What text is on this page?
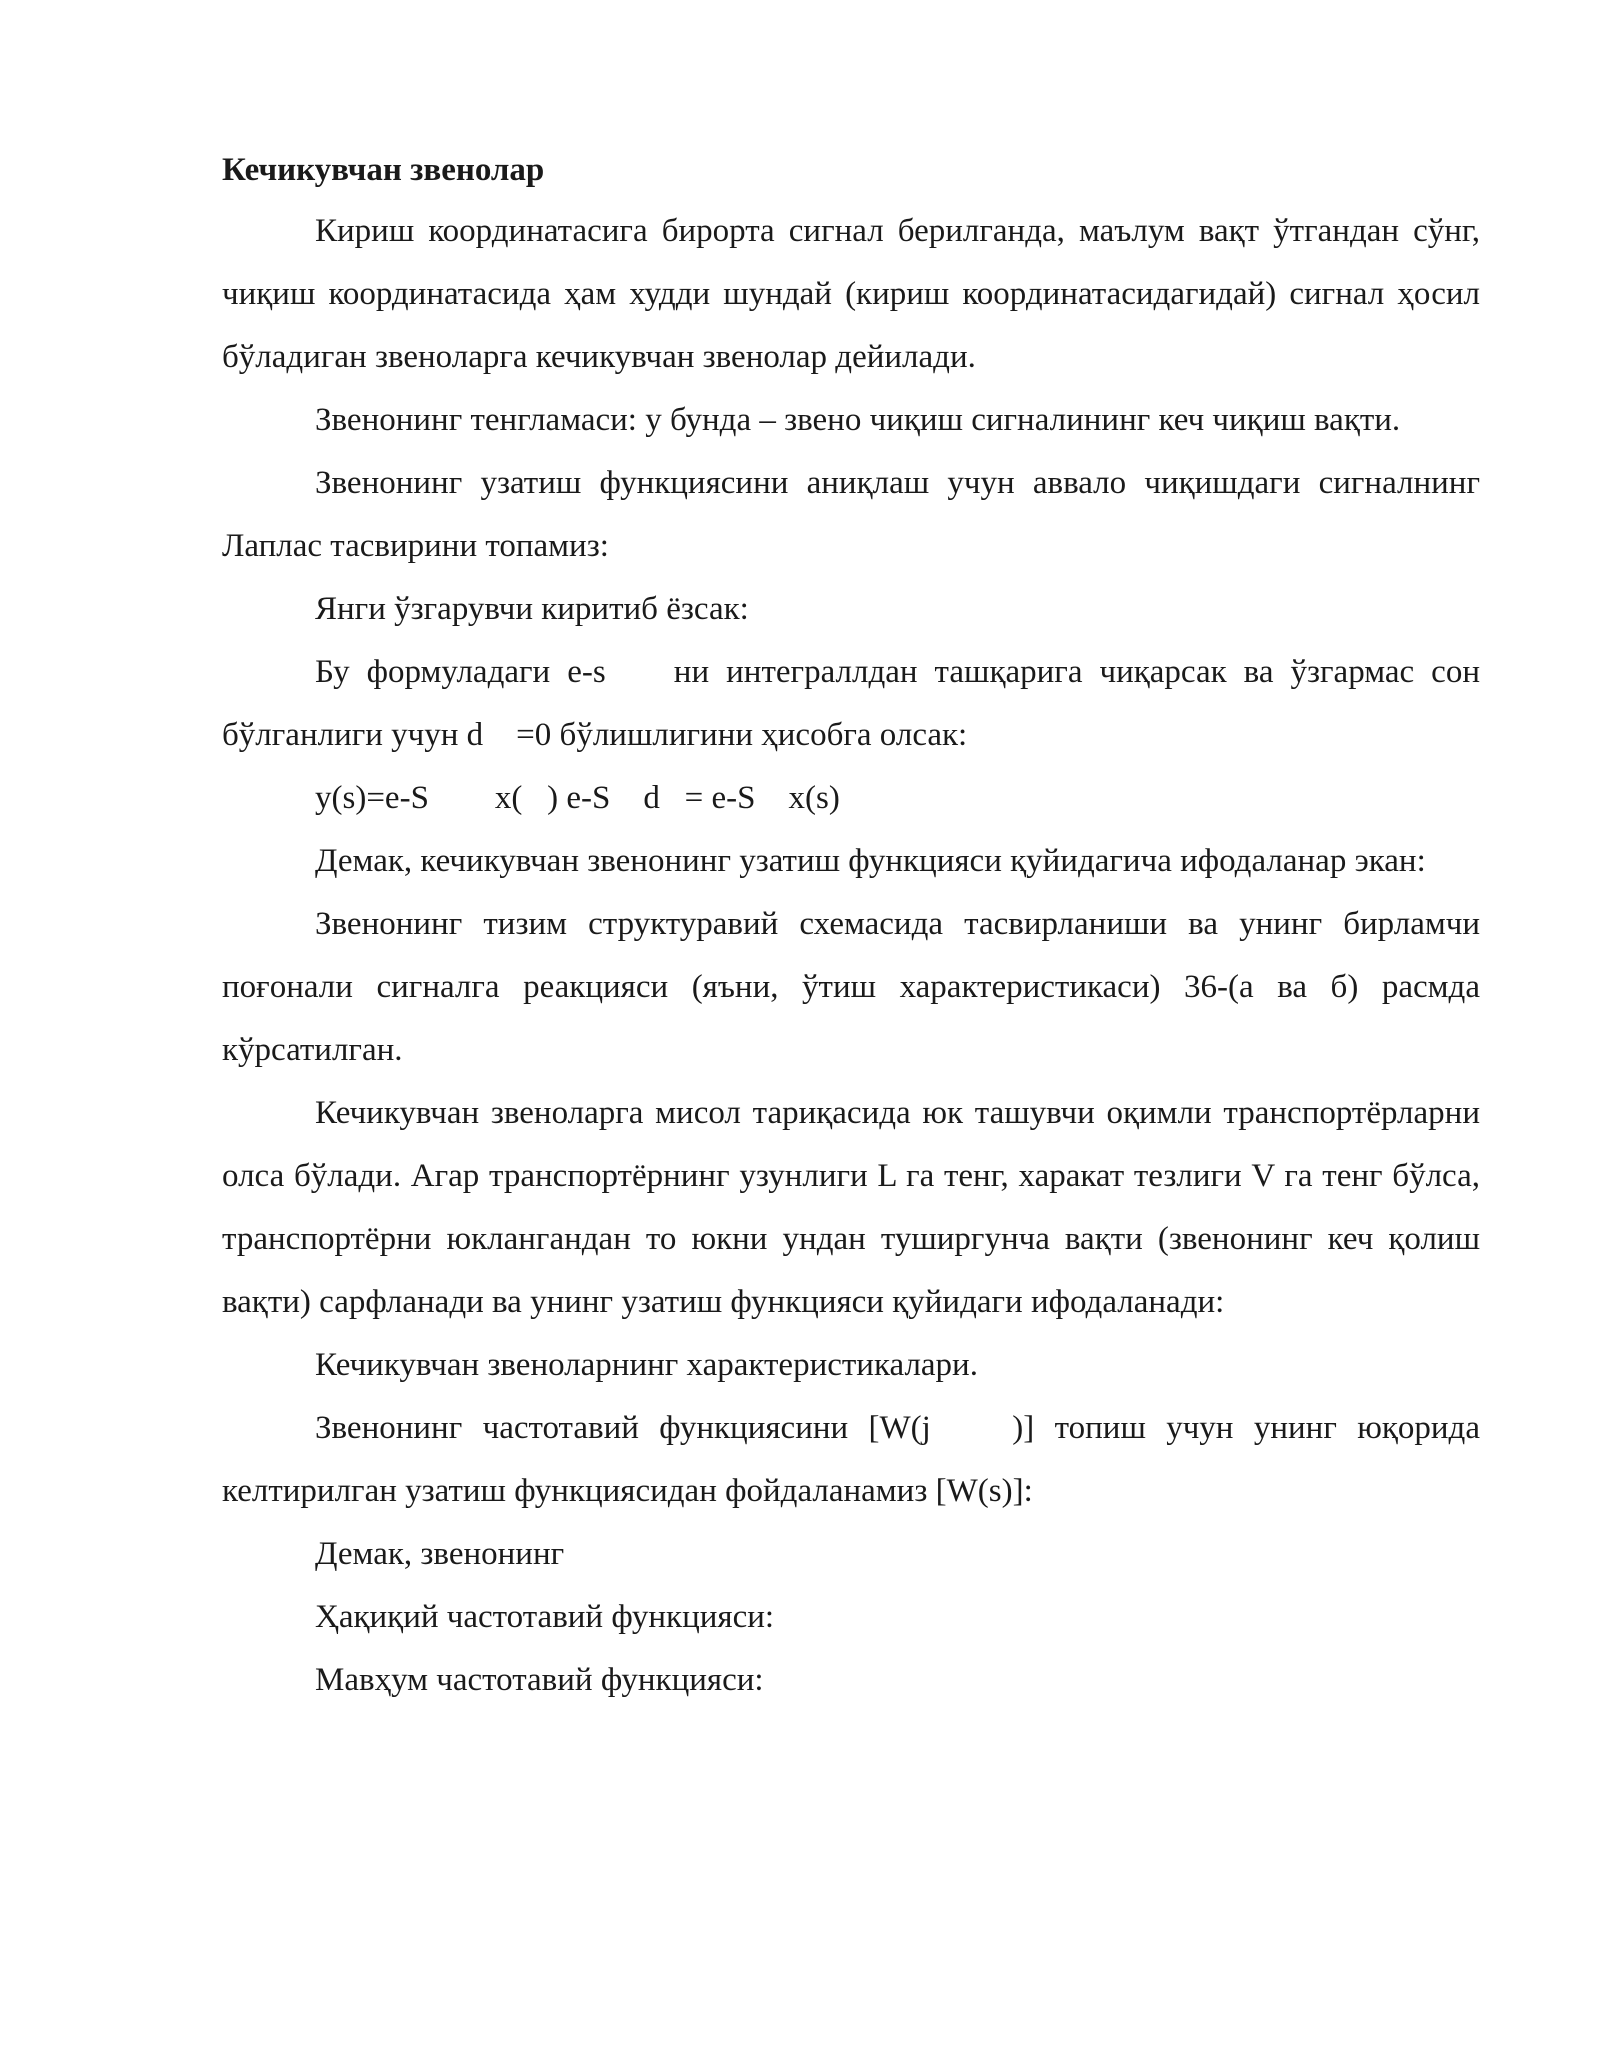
Кечикувчан звенолар

Кириш координатасига бирорта сигнал берилганда, маълум вақт ўтгандан сўнг, чиқиш координатасида ҳам худди шундай (кириш координатасидагидай) сигнал ҳосил бўладиган звеноларга кечикувчан звенолар дейилади.

Звенонинг тенгламаси: у бунда – звено чиқиш сигналининг кеч чиқиш вақти.

Звенонинг узатиш функциясини аниқлаш учун аввало чиқишдаги сигналнинг Лаплас тасвирини топамиз:

Янги ўзгарувчи киритиб ёзсак:

Бу формуладаги e-s    ни интеграллдан ташқарига чиқарсак ва ўзгармас сон бўлганлиги учун d    =0 бўлишлигини ҳисобга олсак:

y(s)=e-S        x(   ) e-S    d   = e-S    x(s)

Демак, кечикувчан звенонинг узатиш функцияси қуйидагича ифодаланар экан:

Звенонинг тизим структуравий схемасида тасвирланиши ва унинг бирламчи поғонали сигналга реакцияси (яъни, ўтиш характеристикаси) 36-(а ва б) расмда кўрсатилган.

Кечикувчан звеноларга мисол тариқасида юк ташувчи оқимли транспортёрларни олса бўлади. Агар транспортёрнинг узунлиги L га тенг, харакат тезлиги V га тенг бўлса, транспортёрни юклангандан то юкни ундан туширгунча вақти (звенонинг кеч қолиш вақти) сарфланади ва унинг узатиш функцияси қуйидаги ифодаланади:

Кечикувчан звеноларнинг характеристикалари.

Звенонинг частотавий функциясини [W(j    )] топиш учун унинг юқорида келтирилган узатиш функциясидан фойдаланамиз [W(s)]:

Демак, звенонинг

Ҳақиқий частотавий функцияси:

Мавҳум частотавий функцияси:
